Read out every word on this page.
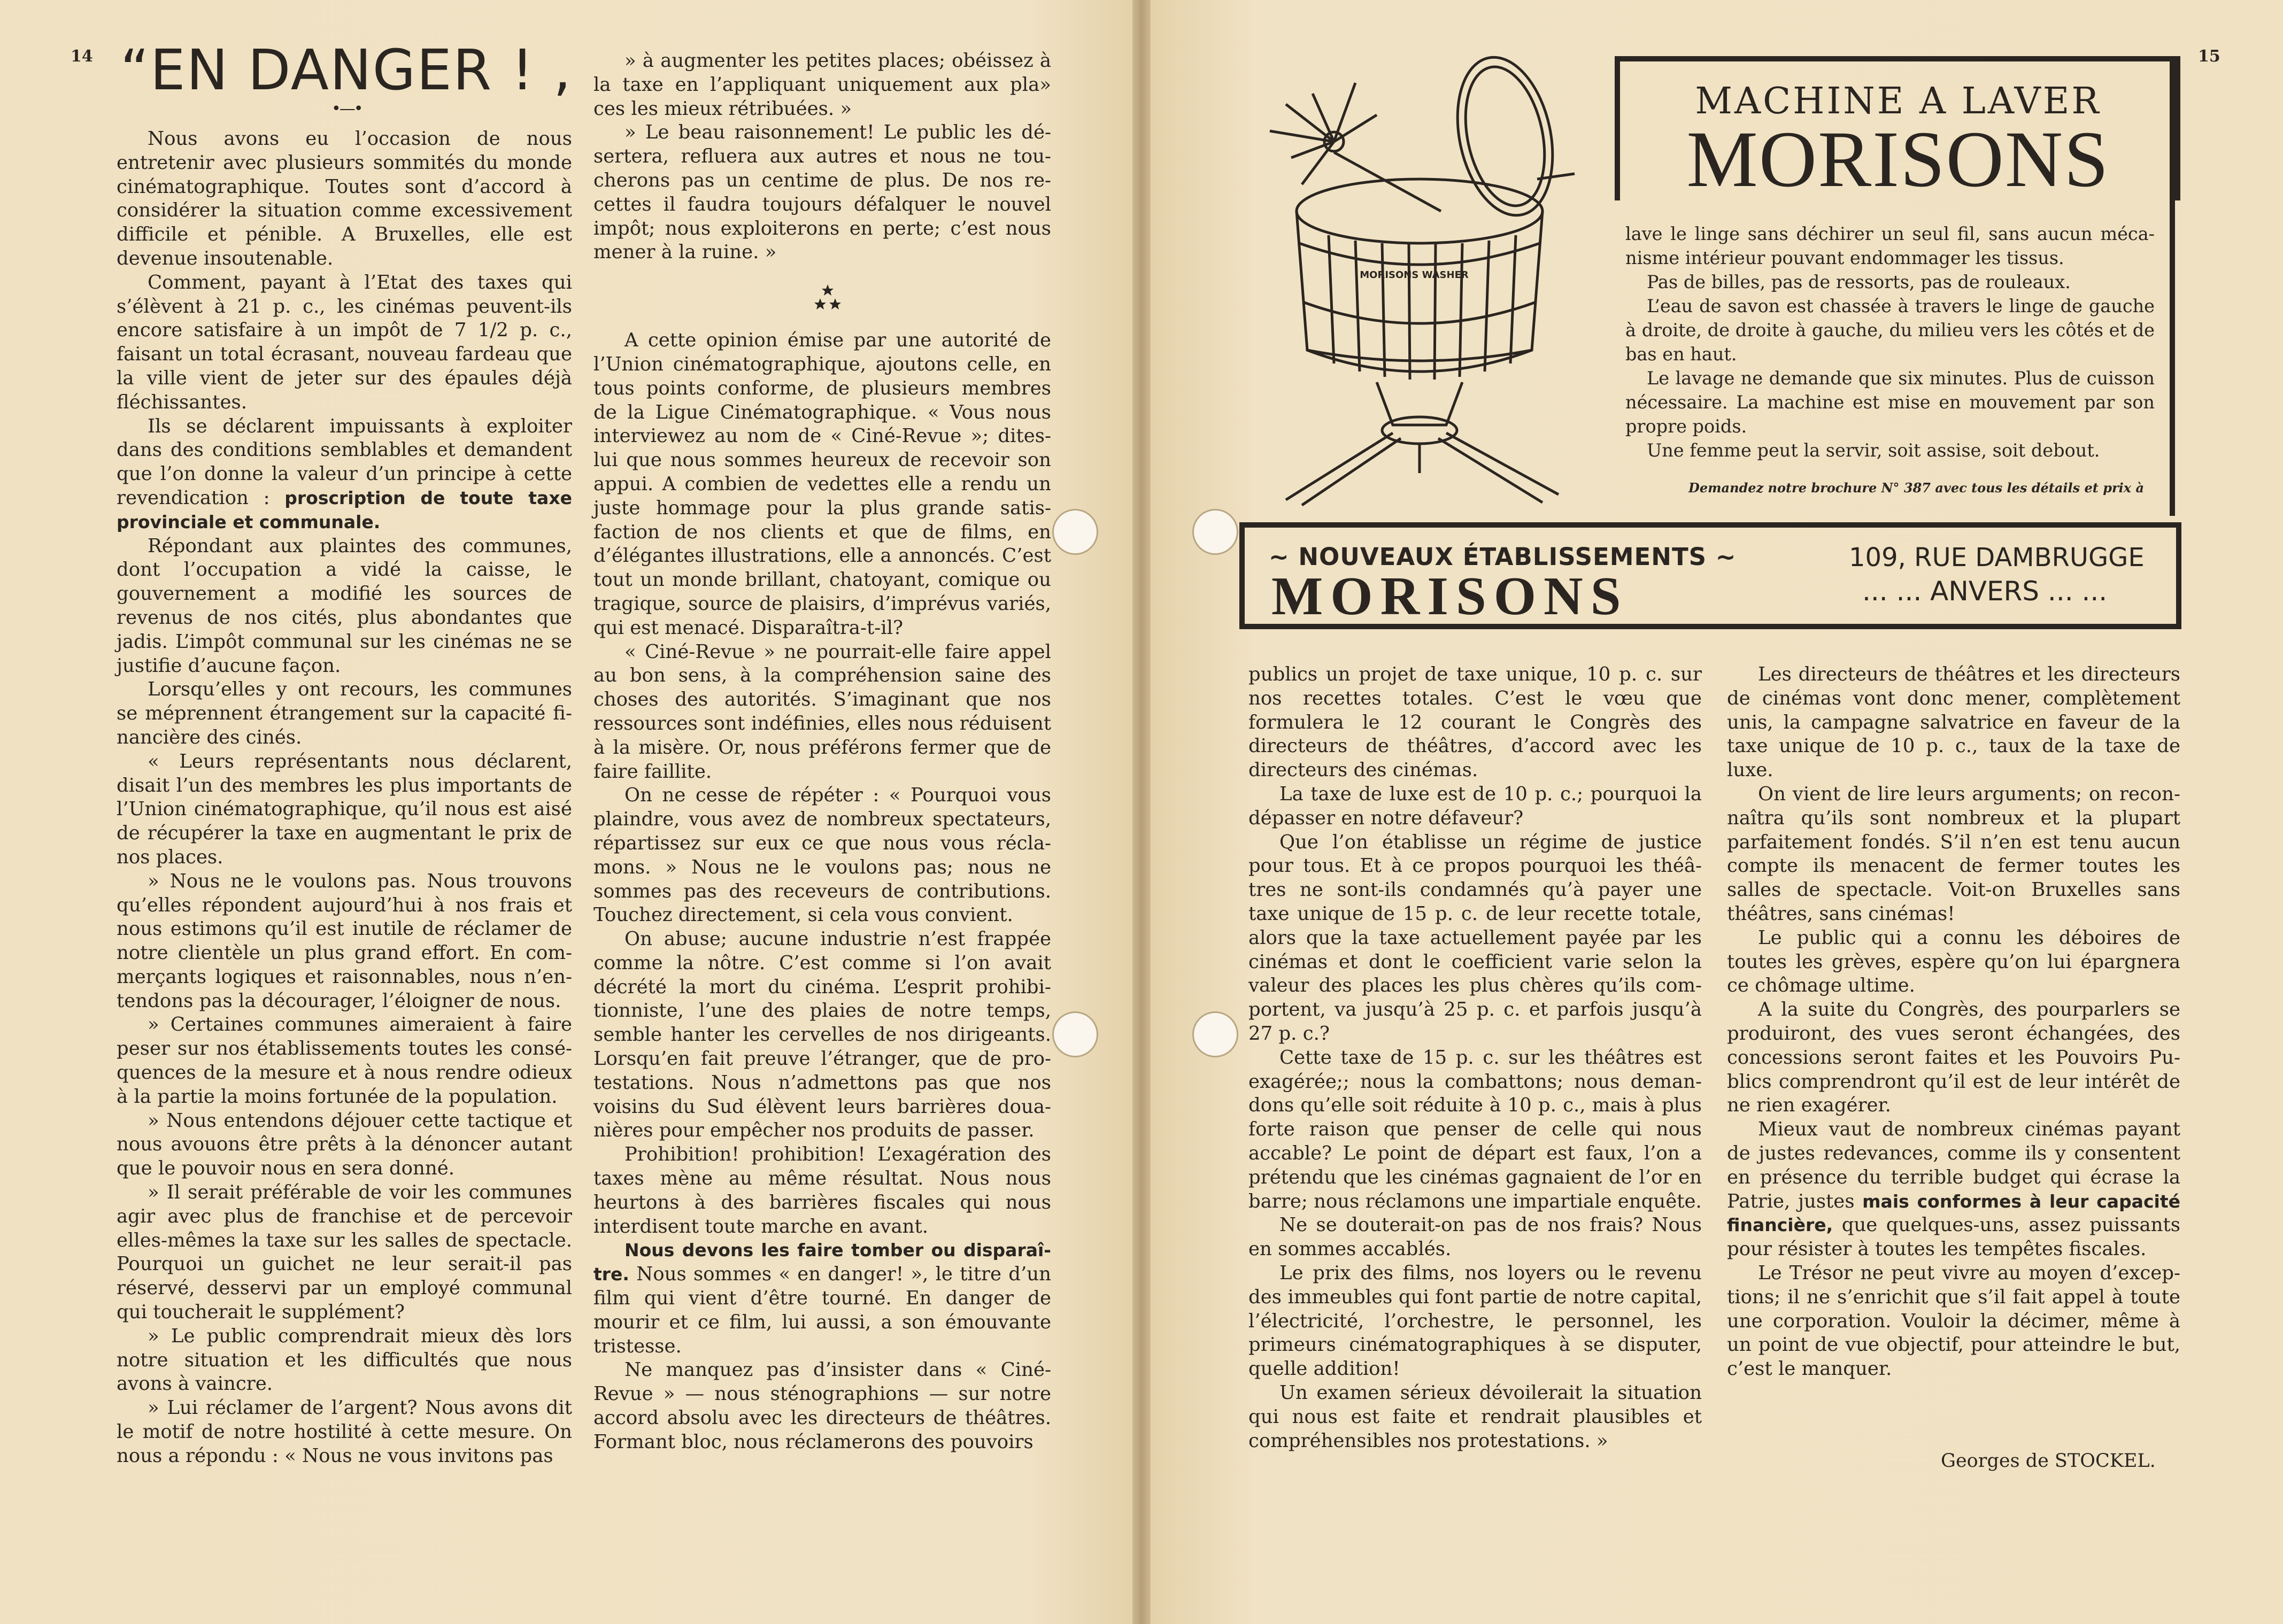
14 “EN DANGER ! ,
•—•

Nous avons eu l’occasion de nous entretenir avec plusieurs sommités du monde cinématographique. Toutes sont d’accord à considérer la situation comme excessivement difficile et pénible. A Bruxelles, elle est devenue insoutenable.

Comment, payant à l’Etat des taxes qui s’élèvent à 21 p. c., les cinémas peuvent-ils encore satisfaire à un impôt de 7 1/2 p. c., faisant un total écrasant, nouveau fardeau que la ville vient de jeter sur des épaules déjà fléchissantes.

Ils se déclarent impuissants à exploiter dans des conditions semblables et demandent que l’on donne la valeur d’un principe à cette revendication : proscription de toute taxe provinciale et communale.

Répondant aux plaintes des communes, dont l’occupation a vidé la caisse, le gouvernement a modifié les sources de revenus de nos cités, plus abondantes que jadis. L’impôt communal sur les cinémas ne se justifie d’aucune façon.

Lorsqu’elles y ont recours, les communes se méprennent étrangement sur la capacité financière des cinés.

« Leurs représentants nous déclarent, disait l’un des membres les plus importants de l’Union cinématographique, qu’il nous est aisé de récupérer la taxe en augmentant le prix de nos places.

» Nous ne le voulons pas. Nous trouvons qu’elles répondent aujourd’hui à nos frais et nous estimons qu’il est inutile de réclamer de notre clientèle un plus grand effort. En commerçants logiques et raisonnables, nous n’entendons pas la décourager, l’éloigner de nous.

» Certaines communes aimeraient à faire peser sur nos établissements toutes les conséquences de la mesure et à nous rendre odieux à la partie la moins fortunée de la population.

» Nous entendons déjouer cette tactique et nous avouons être prêts à la dénoncer autant que le pouvoir nous en sera donné.

» Il serait préférable de voir les communes agir avec plus de franchise et de percevoir elles-mêmes la taxe sur les salles de spectacle. Pourquoi un guichet ne leur serait-il pas réservé, desservi par un employé communal qui toucherait le supplément?

» Le public comprendrait mieux dès lors notre situation et les difficultés que nous avons à vaincre.

» Lui réclamer de l’argent? Nous avons dit le motif de notre hostilité à cette mesure. On nous a répondu : « Nous ne vous invitons pas

» à augmenter les petites places; obéissez à la taxe en l’appliquant uniquement aux pla» ces les mieux rétribuées. »

» Le beau raisonnement! Le public les désertera, refluera aux autres et nous ne toucherons pas un centime de plus. De nos recettes il faudra toujours défalquer le nouvel impôt; nous exploiterons en perte; c’est nous mener à la ruine. »

A cette opinion émise par une autorité de l’Union cinématographique, ajoutons celle, en tous points conforme, de plusieurs membres de la Ligue Cinématographique. « Vous nous interviewez au nom de « Ciné-Revue »; dites-lui que nous sommes heureux de recevoir son appui. A combien de vedettes elle a rendu un juste hommage pour la plus grande satisfaction de nos clients et que de films, en d’élégantes illustrations, elle a annoncés. C’est tout un monde brillant, chatoyant, comique ou tragique, source de plaisirs, d’imprévus variés, qui est menacé. Disparaîtra-t-il?

« Ciné-Revue » ne pourrait-elle faire appel au bon sens, à la compréhension saine des choses des autorités. S’imaginant que nos ressources sont indéfinies, elles nous réduisent à la misère. Or, nous préférons fermer que de faire faillite.

On ne cesse de répéter : « Pourquoi vous plaindre, vous avez de nombreux spectateurs, répartissez sur eux ce que nous vous réclamons. » Nous ne le voulons pas; nous ne sommes pas des receveurs de contributions. Touchez directement, si cela vous convient.

On abuse; aucune industrie n’est frappée comme la nôtre. C’est comme si l’on avait décrété la mort du cinéma. L’esprit prohibitionniste, l’une des plaies de notre temps, semble hanter les cervelles de nos dirigeants. Lorsqu’en fait preuve l’étranger, que de protestations. Nous n’admettons pas que nos voisins du Sud élèvent leurs barrières douanières pour empêcher nos produits de passer.

Prohibition! prohibition! L’exagération des taxes mène au même résultat. Nous nous heurtons à des barrières fiscales qui nous interdisent toute marche en avant.

Nous devons les faire tomber ou disparaître. Nous sommes « en danger! », le titre d’un film qui vient d’être tourné. En danger de mourir et ce film, lui aussi, a son émouvante tristesse.

Ne manquez pas d’insister dans « Ciné-Revue » — nous sténographions — sur notre accord absolu avec les directeurs de théâtres. Formant bloc, nous réclamerons des pouvoirs

15
MACHINE A LAVER
MORISONS
MORISONS WASHER

lave le linge sans déchirer un seul fil, sans aucun mécanisme intérieur pouvant endommager les tissus.

Pas de billes, pas de ressorts, pas de rouleaux.

L’eau de savon est chassée à travers le linge de gauche à droite, de droite à gauche, du milieu vers les côtés et de bas en haut.

Le lavage ne demande que six minutes. Plus de cuisson nécessaire. La machine est mise en mouvement par son propre poids.

Une femme peut la servir, soit assise, soit debout.

Demandez notre brochure N° 387 avec tous les détails et prix à
~ NOUVEAUX ÉTABLISSEMENTS ~
MORISONS
109, RUE DAMBRUGGE
... ... ANVERS ... ...

publics un projet de taxe unique, 10 p. c. sur nos recettes totales. C’est le vœu que formulera le 12 courant le Congrès des directeurs de théâtres, d’accord avec les directeurs des cinémas.

La taxe de luxe est de 10 p. c.; pourquoi la dépasser en notre défaveur?

Que l’on établisse un régime de justice pour tous. Et à ce propos pourquoi les théâtres ne sont-ils condamnés qu’à payer une taxe unique de 15 p. c. de leur recette totale, alors que la taxe actuellement payée par les cinémas et dont le coefficient varie selon la valeur des places les plus chères qu’ils comportent, va jusqu’à 25 p. c. et parfois jusqu’à 27 p. c.?

Cette taxe de 15 p. c. sur les théâtres est exagérée;; nous la combattons; nous demandons qu’elle soit réduite à 10 p. c., mais à plus forte raison que penser de celle qui nous accable? Le point de départ est faux, l’on a prétendu que les cinémas gagnaient de l’or en barre; nous réclamons une impartiale enquête.

Ne se douterait-on pas de nos frais? Nous en sommes accablés.

Le prix des films, nos loyers ou le revenu des immeubles qui font partie de notre capital, l’électricité, l’orchestre, le personnel, les primeurs cinématographiques à se disputer, quelle addition!

Un examen sérieux dévoilerait la situation qui nous est faite et rendrait plausibles et compréhensibles nos protestations. »

Les directeurs de théâtres et les directeurs de cinémas vont donc mener, complètement unis, la campagne salvatrice en faveur de la taxe unique de 10 p. c., taux de la taxe de luxe.

On vient de lire leurs arguments; on reconnaîtra qu’ils sont nombreux et la plupart parfaitement fondés. S’il n’en est tenu aucun compte ils menacent de fermer toutes les salles de spectacle. Voit-on Bruxelles sans théâtres, sans cinémas!

Le public qui a connu les déboires de toutes les grèves, espère qu’on lui épargnera ce chômage ultime.

A la suite du Congrès, des pourparlers se produiront, des vues seront échangées, des concessions seront faites et les Pouvoirs Publics comprendront qu’il est de leur intérêt de ne rien exagérer.

Mieux vaut de nombreux cinémas payant de justes redevances, comme ils y consentent en présence du terrible budget qui écrase la Patrie, justes mais conformes à leur capacité financière, que quelques-uns, assez puissants pour résister à toutes les tempêtes fiscales.

Le Trésor ne peut vivre au moyen d’exceptions; il ne s’enrichit que s’il fait appel à toute une corporation. Vouloir la décimer, même à un point de vue objectif, pour atteindre le but, c’est le manquer.

Georges de STOCKEL.
